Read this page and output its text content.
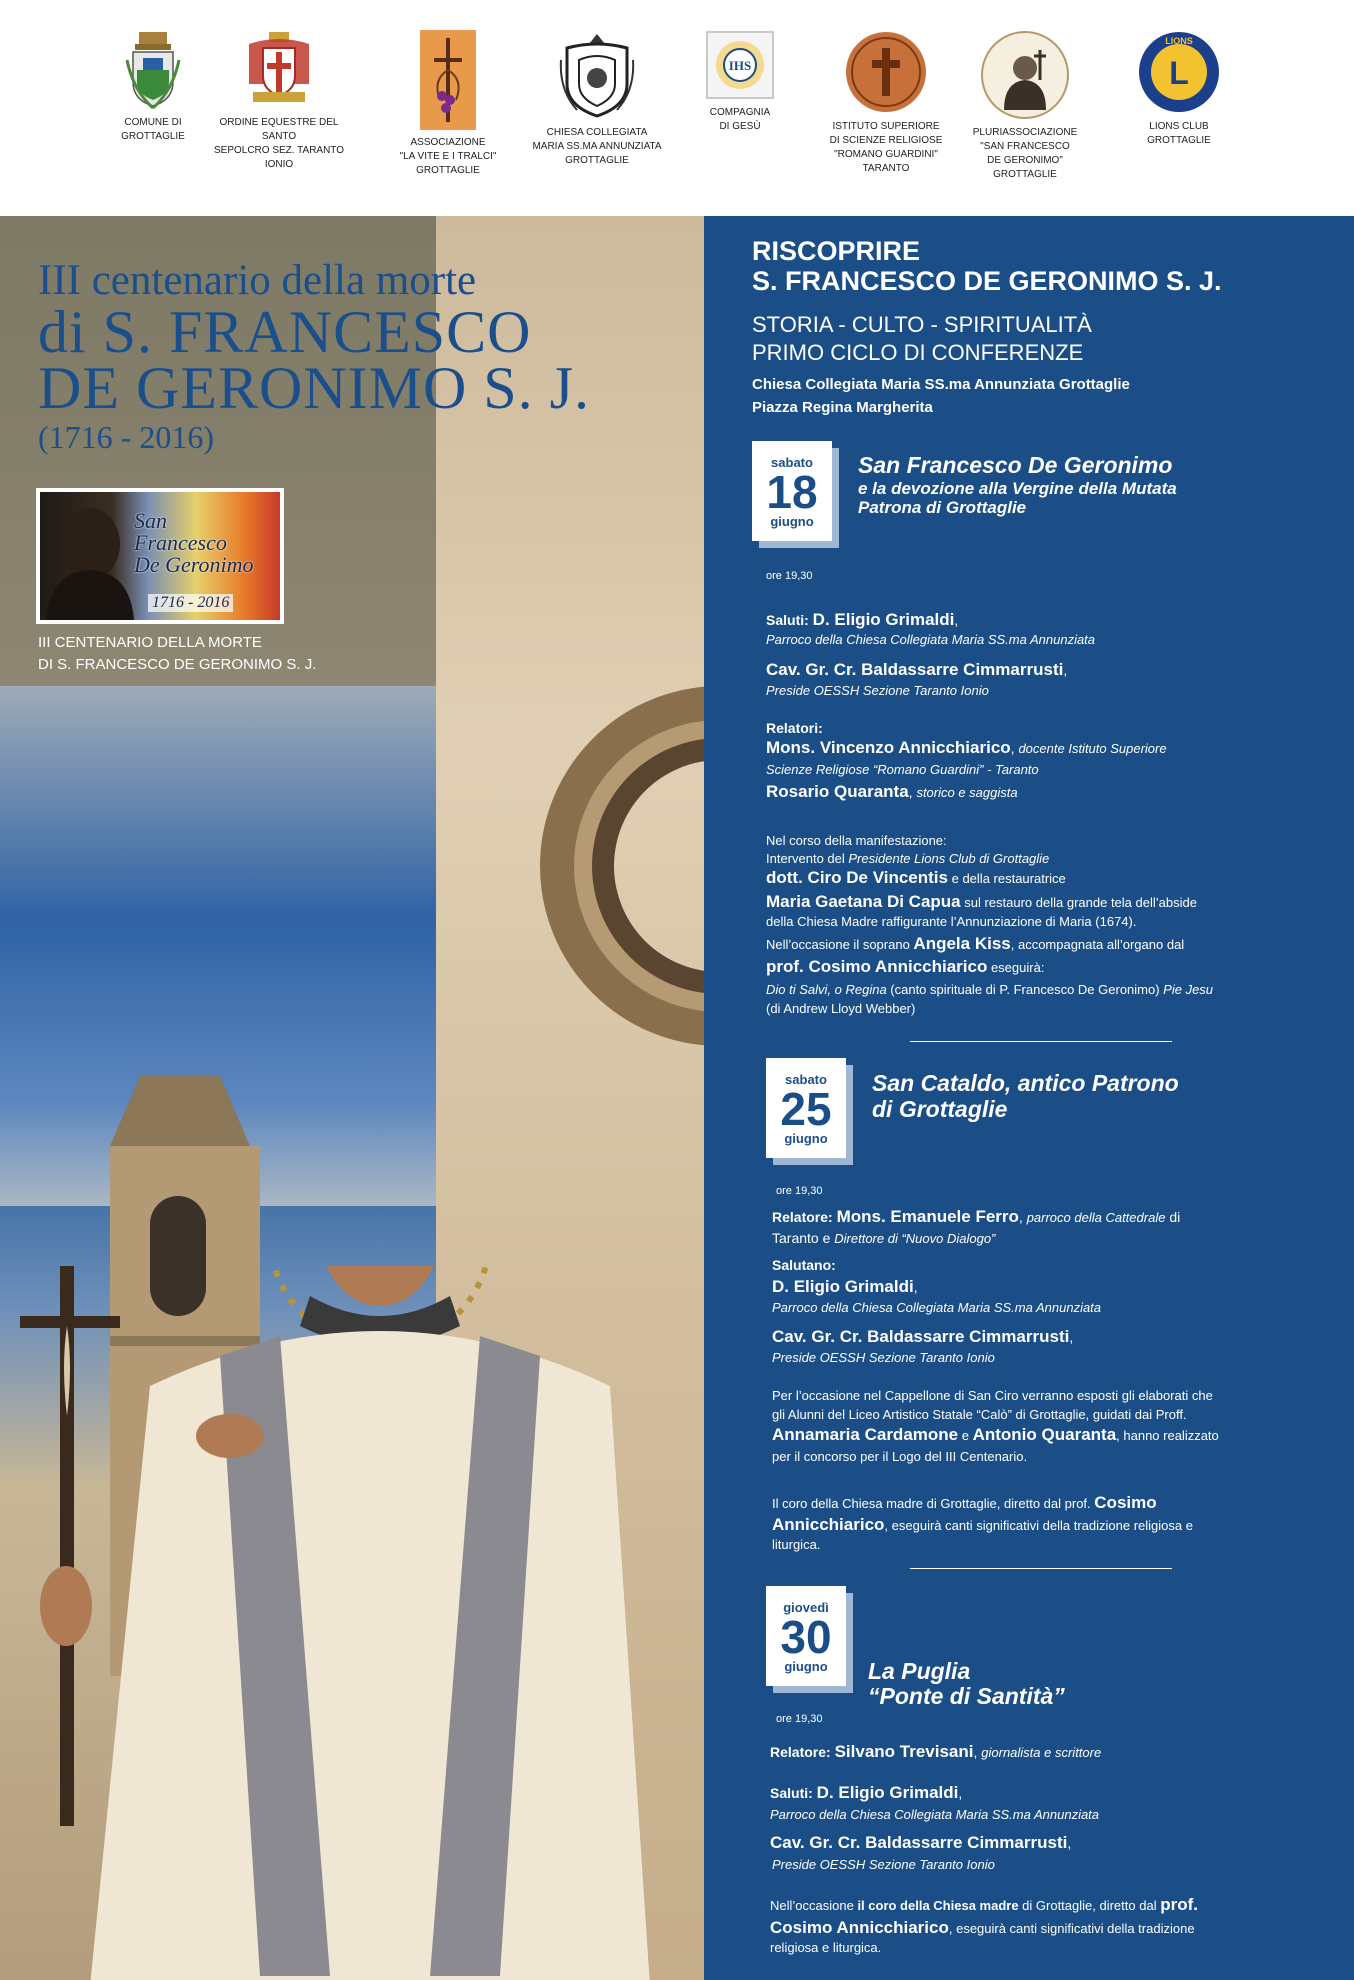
COMUNE DI
GROTTAGLIE
ORDINE EQUESTRE DEL SANTO
SEPOLCRO SEZ. TARANTO IONIO
ASSOCIAZIONE
"LA VITE E I TRALCI"
GROTTAGLIE
CHIESA COLLEGIATA
MARIA SS.MA ANNUNZIATA
GROTTAGLIE
IHS
COMPAGNIA
DI GESÙ	ISTITUTO SUPERIORE
DI SCIENZE RELIGIOSE
"ROMANO GUARDINI"
TARANTO
PLURIASSOCIAZIONE
"SAN FRANCESCO
DE GERONIMO"
GROTTAGLIE
L
LIONS
LIONS CLUB
GROTTAGLIE
III centenario della morte
di S. FRANCESCO
DE GERONIMO S. J.
(1716 - 2016)
San
Francesco
De Geronimo
1716 - 2016
III CENTENARIO DELLA MORTE
DI S. FRANCESCO DE GERONIMO S. J.
RISCOPRIRE
S. FRANCESCO DE GERONIMO S. J.
STORIA - CULTO - SPIRITUALITÀ
PRIMO CICLO DI CONFERENZE
Chiesa Collegiata Maria SS.ma Annunziata Grottaglie
Piazza Regina Margherita
sabato
18
giugno
ore 19,30
San Francesco De Geronimo
e la devozione alla Vergine della Mutata
Patrona di Grottaglie
Saluti: D. Eligio Grimaldi,
Parroco della Chiesa Collegiata Maria SS.ma Annunziata
Cav. Gr. Cr. Baldassarre Cimmarrusti,
Preside OESSH Sezione Taranto Ionio
Relatori:
Mons. Vincenzo Annicchiarico, docente Istituto Superiore
Scienze Religiose “Romano Guardini” - Taranto
Rosario Quaranta, storico e saggista
Nel corso della manifestazione:
Intervento del Presidente Lions Club di Grottaglie
dott. Ciro De Vincentis e della restauratrice
Maria Gaetana Di Capua sul restauro della grande tela dell’abside
della Chiesa Madre raffigurante l’Annunziazione di Maria (1674).
Nell’occasione il soprano Angela Kiss, accompagnata all’organo dal
prof. Cosimo Annicchiarico eseguirà:
Dio ti Salvi, o Regina (canto spirituale di P. Francesco De Geronimo) Pie Jesu
(di Andrew Lloyd Webber)
sabato
25
giugno
ore 19,30
San Cataldo, antico Patrono
di Grottaglie
Relatore: Mons. Emanuele Ferro, parroco della Cattedrale di
Taranto e Direttore di “Nuovo Dialogo”
Salutano:
D. Eligio Grimaldi,
Parroco della Chiesa Collegiata Maria SS.ma Annunziata
Cav. Gr. Cr. Baldassarre Cimmarrusti,
Preside OESSH Sezione Taranto Ionio
Per l’occasione nel Cappellone di San Ciro verranno esposti gli elaborati che
gli Alunni del Liceo Artistico Statale “Calò” di Grottaglie, guidati dai Proff.
Annamaria Cardamone e Antonio Quaranta, hanno realizzato
per il concorso per il Logo del III Centenario.
Il coro della Chiesa madre di Grottaglie, diretto dal prof. Cosimo
Annicchiarico, eseguirà canti significativi della tradizione religiosa e
liturgica.
giovedì
30
giugno
ore 19,30
La Puglia
“Ponte di Santità”
Relatore: Silvano Trevisani, giornalista e scrittore
Saluti: D. Eligio Grimaldi,
Parroco della Chiesa Collegiata Maria SS.ma Annunziata
Cav. Gr. Cr. Baldassarre Cimmarrusti,
Preside OESSH Sezione Taranto Ionio
Nell’occasione il coro della Chiesa madre di Grottaglie, diretto dal prof.
Cosimo Annicchiarico, eseguirà canti significativi della tradizione
religiosa e liturgica.
